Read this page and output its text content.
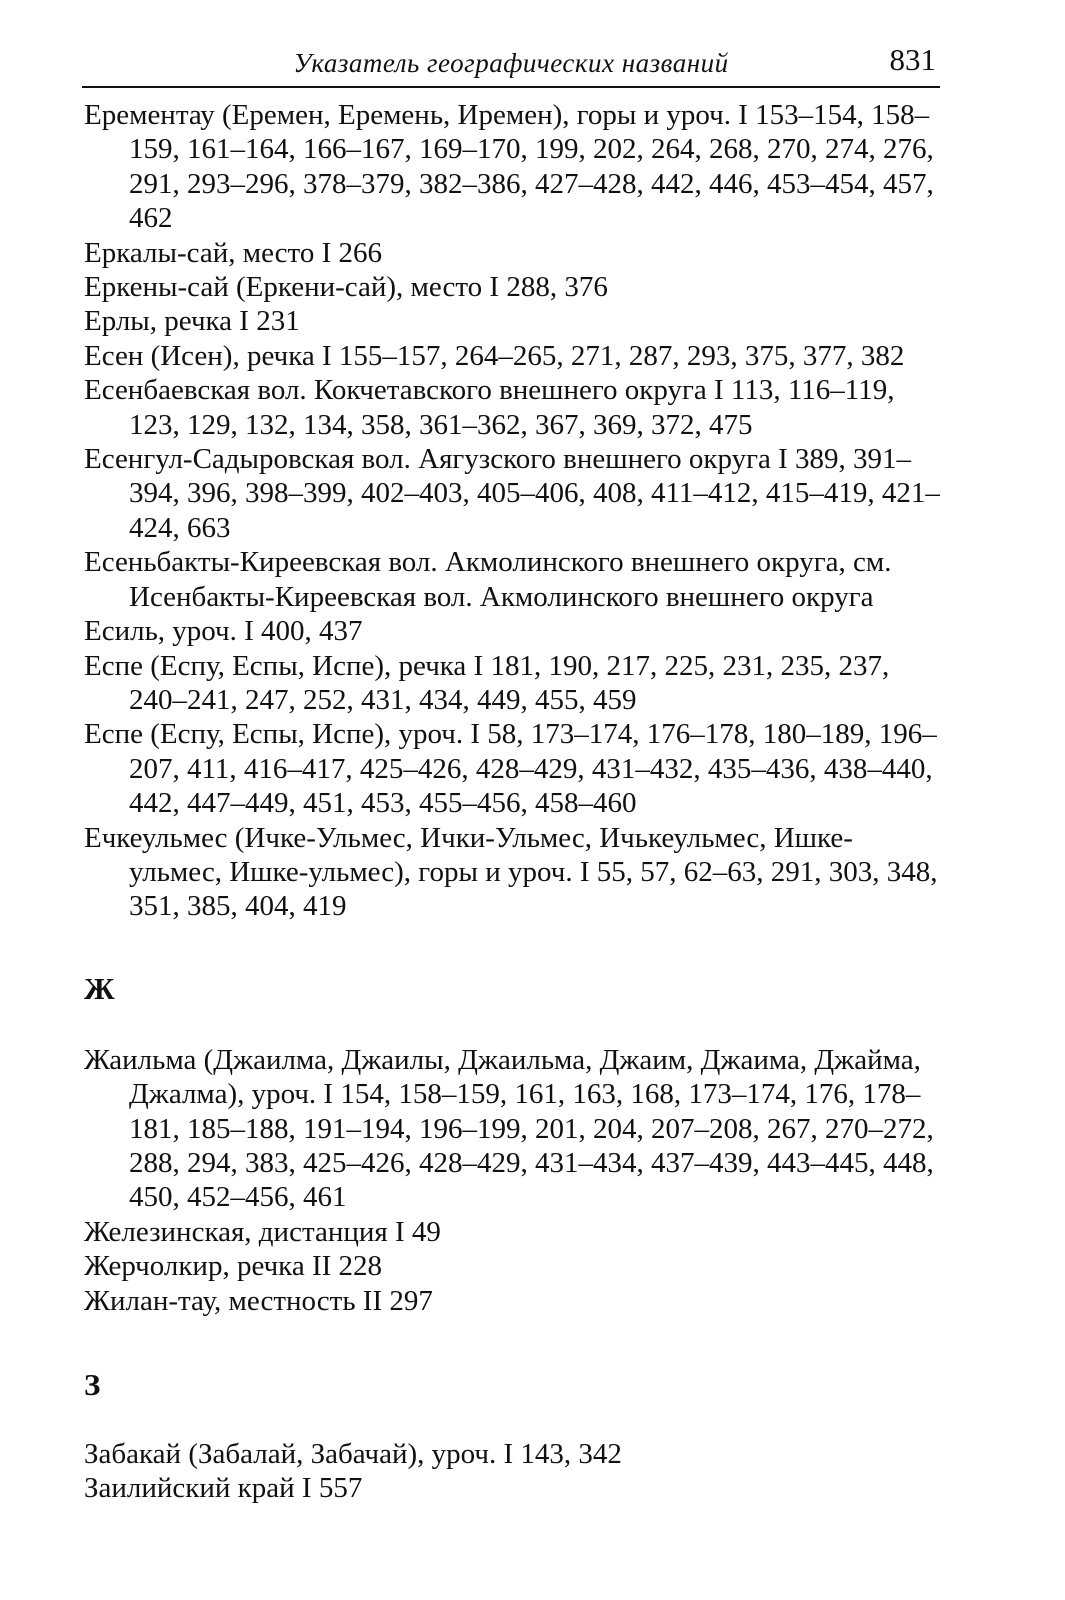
Указатель географических названий	831

Ерементау (Еремен, Еремень, Иремен), горы и уроч. I 153–154, 158–159, 161–164, 166–167, 169–170, 199, 202, 264, 268, 270, 274, 276, 291, 293–296, 378–379, 382–386, 427–428, 442, 446, 453–454, 457, 462

Еркалы-сай, место I 266

Еркены-сай (Еркени-сай), место I 288, 376

Ерлы, речка I 231

Есен (Исен), речка I 155–157, 264–265, 271, 287, 293, 375, 377, 382

Есенбаевская вол. Кокчетавского внешнего округа I 113, 116–119, 123, 129, 132, 134, 358, 361–362, 367, 369, 372, 475

Есенгул-Садыровская вол. Аягузского внешнего округа I 389, 391–394, 396, 398–399, 402–403, 405–406, 408, 411–412, 415–419, 421–424, 663

Есеньбакты-Киреевская вол. Акмолинского внешнего округа, см. Исенбакты-Киреевская вол. Акмолинского внешнего округа

Есиль, уроч. I 400, 437

Еспе (Еспу, Еспы, Испе), речка I 181, 190, 217, 225, 231, 235, 237, 240–241, 247, 252, 431, 434, 449, 455, 459

Еспе (Еспу, Еспы, Испе), уроч. I 58, 173–174, 176–178, 180–189, 196–207, 411, 416–417, 425–426, 428–429, 431–432, 435–436, 438–440, 442, 447–449, 451, 453, 455–456, 458–460

Ечкеульмес (Ичке-Ульмес, Ички-Ульмес, Ичькеульмес, Ишке-ульмес, Ишке-ульмес), горы и уроч. I 55, 57, 62–63, 291, 303, 348, 351, 385, 404, 419

Ж

Жаильма (Джаилма, Джаилы, Джаильма, Джаим, Джаима, Джайма, Джалма), уроч. I 154, 158–159, 161, 163, 168, 173–174, 176, 178–181, 185–188, 191–194, 196–199, 201, 204, 207–208, 267, 270–272, 288, 294, 383, 425–426, 428–429, 431–434, 437–439, 443–445, 448, 450, 452–456, 461

Железинская, дистанция I 49

Жерчолкир, речка II 228

Жилан-тау, местность II 297

З

Забакай (Забалай, Забачай), уроч. I 143, 342

Заилийский край I 557
